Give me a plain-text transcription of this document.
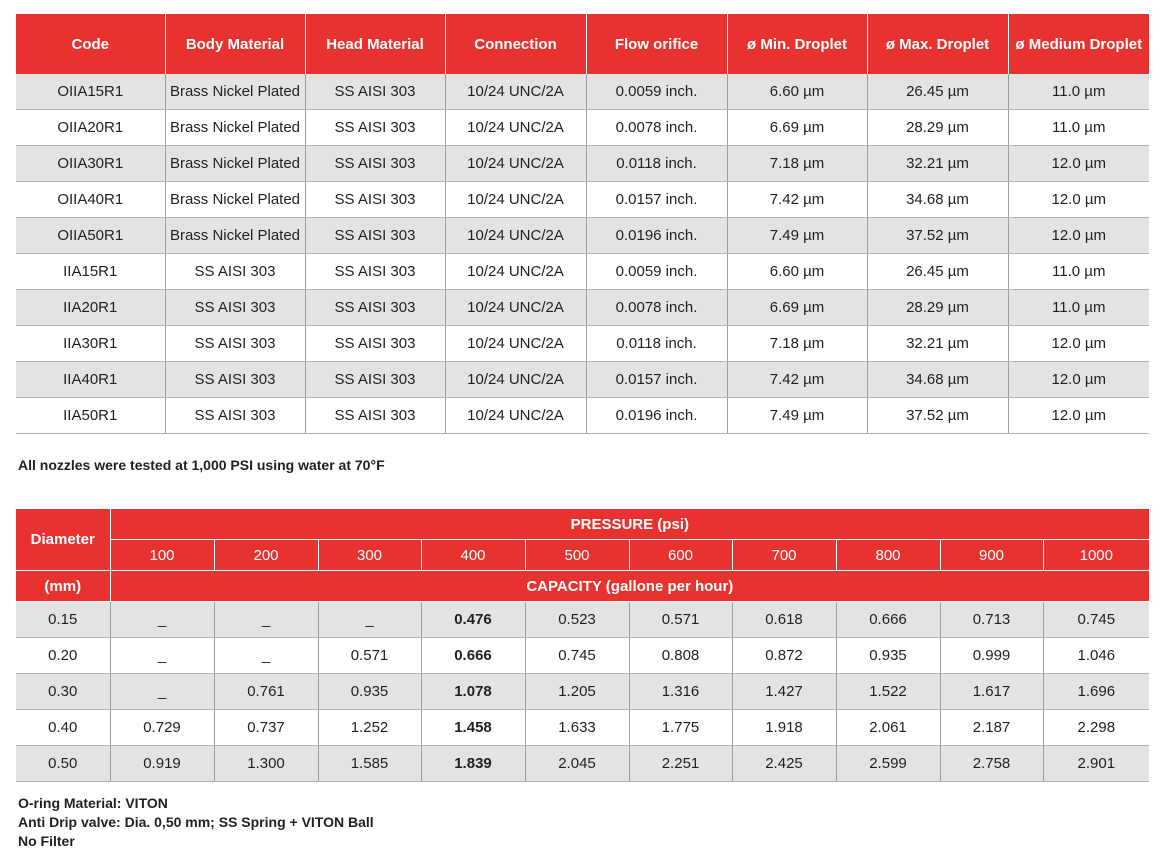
Code	Body Material	Head Material	Connection	Flow orifice	ø Min. Droplet	ø Max. Droplet	ø Medium Droplet
OIIA15R1	Brass Nickel Plated	SS AISI 303	10/24 UNC/2A	0.0059 inch.	6.60 µm	26.45 µm	11.0 µm
OIIA20R1	Brass Nickel Plated	SS AISI 303	10/24 UNC/2A	0.0078 inch.	6.69 µm	28.29 µm	11.0 µm
OIIA30R1	Brass Nickel Plated	SS AISI 303	10/24 UNC/2A	0.0118 inch.	7.18 µm	32.21 µm	12.0 µm
OIIA40R1	Brass Nickel Plated	SS AISI 303	10/24 UNC/2A	0.0157 inch.	7.42 µm	34.68 µm	12.0 µm
OIIA50R1	Brass Nickel Plated	SS AISI 303	10/24 UNC/2A	0.0196 inch.	7.49 µm	37.52 µm	12.0 µm
IIA15R1	SS AISI 303	SS AISI 303	10/24 UNC/2A	0.0059 inch.	6.60 µm	26.45 µm	11.0 µm
IIA20R1	SS AISI 303	SS AISI 303	10/24 UNC/2A	0.0078 inch.	6.69 µm	28.29 µm	11.0 µm
IIA30R1	SS AISI 303	SS AISI 303	10/24 UNC/2A	0.0118 inch.	7.18 µm	32.21 µm	12.0 µm
IIA40R1	SS AISI 303	SS AISI 303	10/24 UNC/2A	0.0157 inch.	7.42 µm	34.68 µm	12.0 µm
IIA50R1	SS AISI 303	SS AISI 303	10/24 UNC/2A	0.0196 inch.	7.49 µm	37.52 µm	12.0 µm

All nozzles were tested at 1,000 PSI using water at 70°F

Diameter	PRESSURE (psi)									
	100	200	300	400	500	600	700	800	900	1000
(mm)	CAPACITY (gallone per hour)									
0.15	_	_	_	0.476	0.523	0.571	0.618	0.666	0.713	0.745
0.20	_	_	0.571	0.666	0.745	0.808	0.872	0.935	0.999	1.046
0.30	_	0.761	0.935	1.078	1.205	1.316	1.427	1.522	1.617	1.696
0.40	0.729	0.737	1.252	1.458	1.633	1.775	1.918	2.061	2.187	2.298
0.50	0.919	1.300	1.585	1.839	2.045	2.251	2.425	2.599	2.758	2.901
O-ring Material: VITON
Anti Drip valve: Dia. 0,50 mm; SS Spring + VITON Ball
No Filter
